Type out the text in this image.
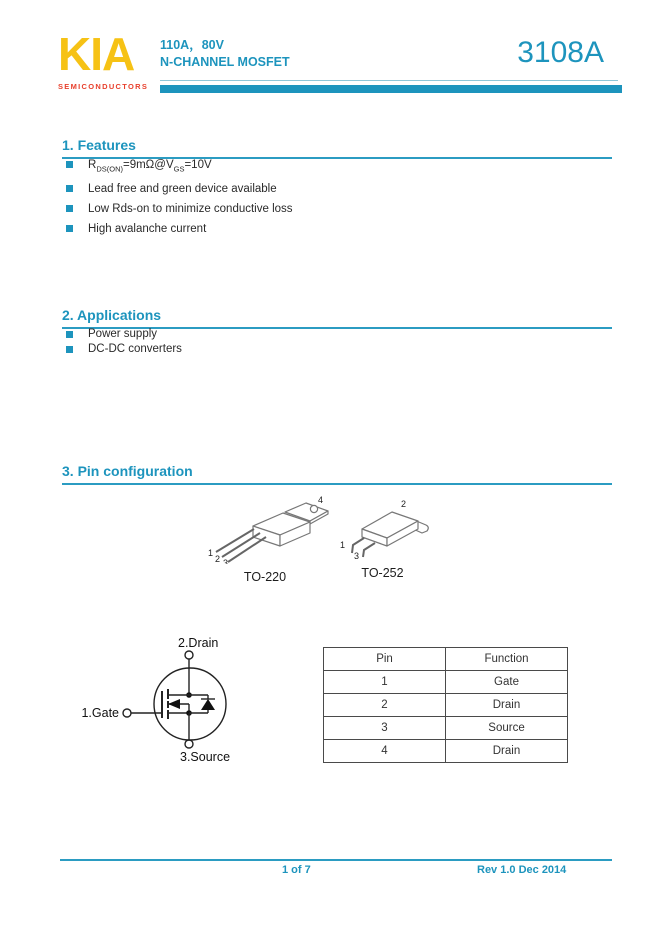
KIA
SEMICONDUCTORS
110A，80V
N-CHANNEL MOSFET	3108A
1. Features
$R_{DS(ON)}=9m\Omega@V_{GS}=10V$
Lead free and green device available
Low Rds-on to minimize conductive loss
High avalanche current
2. Applications
Power supply
DC-DC converters
3. Pin configuration
1
2 3
4
TO-220
1
3
2
TO-252
2.Drain
1.Gate
3.Source
Pin	Function
1	Gate
2	Drain
3	Source
4	Drain
1 of 7	Rev 1.0 Dec 2014
